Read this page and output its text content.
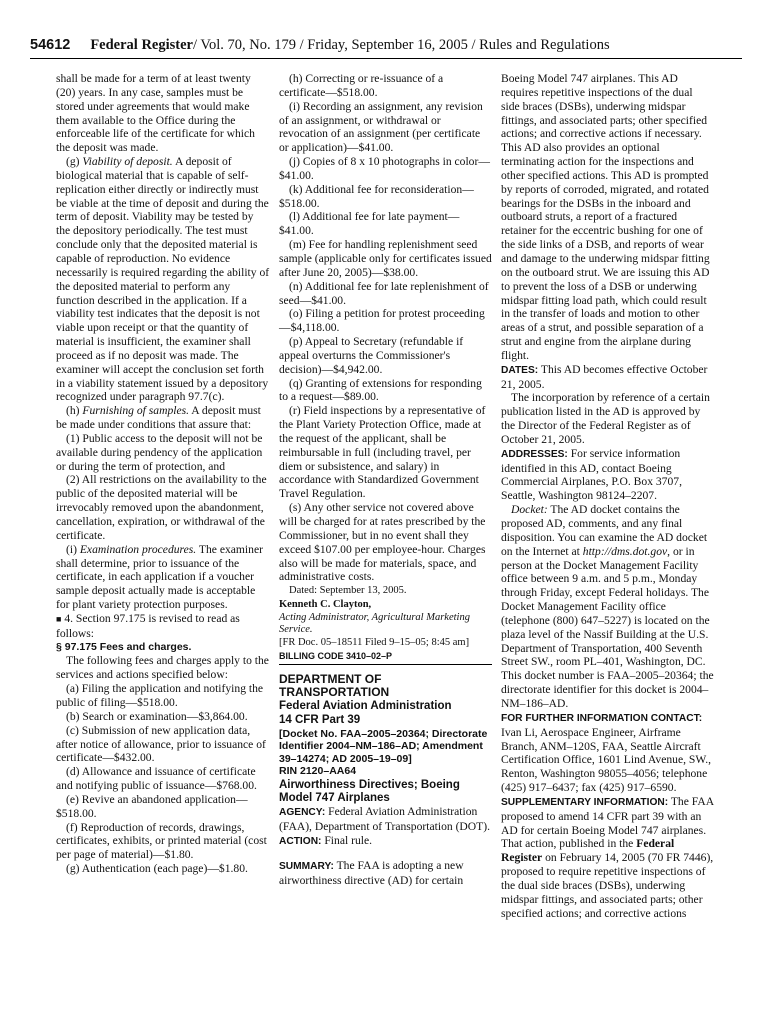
54612 Federal Register/ Vol. 70, No. 179 / Friday, September 16, 2005 / Rules and Regulations

shall be made for a term of at least twenty (20) years. In any case, samples must be stored under agreements that would make them available to the Office during the enforceable life of the certificate for which the deposit was made.

(g) Viability of deposit. A deposit of biological material that is capable of self-replication either directly or indirectly must be viable at the time of deposit and during the term of deposit. Viability may be tested by the depository periodically. The test must conclude only that the deposited material is capable of reproduction. No evidence necessarily is required regarding the ability of the deposited material to perform any function described in the application. If a viability test indicates that the deposit is not viable upon receipt or that the quantity of material is insufficient, the examiner shall proceed as if no deposit was made. The examiner will accept the conclusion set forth in a viability statement issued by a depository recognized under paragraph 97.7(c).

(h) Furnishing of samples. A deposit must be made under conditions that assure that:

(1) Public access to the deposit will not be available during pendency of the application or during the term of protection, and

(2) All restrictions on the availability to the public of the deposited material will be irrevocably removed upon the abandonment, cancellation, expiration, or withdrawal of the certificate.

(i) Examination procedures. The examiner shall determine, prior to issuance of the certificate, in each application if a voucher sample deposit actually made is acceptable for plant variety protection purposes.

■ 4. Section 97.175 is revised to read as follows:

§ 97.175 Fees and charges.

The following fees and charges apply to the services and actions specified below:

(a) Filing the application and notifying the public of filing—$518.00.

(b) Search or examination—$3,864.00.

(c) Submission of new application data, after notice of allowance, prior to issuance of certificate—$432.00.

(d) Allowance and issuance of certificate and notifying public of issuance—$768.00.

(e) Revive an abandoned application—$518.00.

(f) Reproduction of records, drawings, certificates, exhibits, or printed material (cost per page of material)—$1.80.

(g) Authentication (each page)—$1.80.

(h) Correcting or re-issuance of a certificate—$518.00.

(i) Recording an assignment, any revision of an assignment, or withdrawal or revocation of an assignment (per certificate or application)—$41.00.

(j) Copies of 8 x 10 photographs in color—$41.00.

(k) Additional fee for reconsideration—$518.00.

(l) Additional fee for late payment—$41.00.

(m) Fee for handling replenishment seed sample (applicable only for certificates issued after June 20, 2005)—$38.00.

(n) Additional fee for late replenishment of seed—$41.00.

(o) Filing a petition for protest proceeding—$4,118.00.

(p) Appeal to Secretary (refundable if appeal overturns the Commissioner's decision)—$4,942.00.

(q) Granting of extensions for responding to a request—$89.00.

(r) Field inspections by a representative of the Plant Variety Protection Office, made at the request of the applicant, shall be reimbursable in full (including travel, per diem or subsistence, and salary) in accordance with Standardized Government Travel Regulation.

(s) Any other service not covered above will be charged for at rates prescribed by the Commissioner, but in no event shall they exceed $107.00 per employee-hour. Charges also will be made for materials, space, and administrative costs.

Dated: September 13, 2005.

Kenneth C. Clayton,

Acting Administrator, Agricultural Marketing Service.

[FR Doc. 05–18511 Filed 9–15–05; 8:45 am]

BILLING CODE 3410–02–P

DEPARTMENT OF TRANSPORTATION

Federal Aviation Administration

14 CFR Part 39

[Docket No. FAA–2005–20364; Directorate Identifier 2004–NM–186–AD; Amendment 39–14274; AD 2005–19–09]

RIN 2120–AA64

Airworthiness Directives; Boeing Model 747 Airplanes

AGENCY: Federal Aviation Administration (FAA), Department of Transportation (DOT).

ACTION: Final rule.

SUMMARY: The FAA is adopting a new airworthiness directive (AD) for certain

Boeing Model 747 airplanes. This AD requires repetitive inspections of the dual side braces (DSBs), underwing midspar fittings, and associated parts; other specified actions; and corrective actions if necessary. This AD also provides an optional terminating action for the inspections and other specified actions. This AD is prompted by reports of corroded, migrated, and rotated bearings for the DSBs in the inboard and outboard struts, a report of a fractured retainer for the eccentric bushing for one of the side links of a DSB, and reports of wear and damage to the underwing midspar fitting on the outboard strut. We are issuing this AD to prevent the loss of a DSB or underwing midspar fitting load path, which could result in the transfer of loads and motion to other areas of a strut, and possible separation of a strut and engine from the airplane during flight.

DATES: This AD becomes effective October 21, 2005.

The incorporation by reference of a certain publication listed in the AD is approved by the Director of the Federal Register as of October 21, 2005.

ADDRESSES: For service information identified in this AD, contact Boeing Commercial Airplanes, P.O. Box 3707, Seattle, Washington 98124–2207.

Docket: The AD docket contains the proposed AD, comments, and any final disposition. You can examine the AD docket on the Internet at http://dms.dot.gov, or in person at the Docket Management Facility office between 9 a.m. and 5 p.m., Monday through Friday, except Federal holidays. The Docket Management Facility office (telephone (800) 647–5227) is located on the plaza level of the Nassif Building at the U.S. Department of Transportation, 400 Seventh Street SW., room PL–401, Washington, DC. This docket number is FAA–2005–20364; the directorate identifier for this docket is 2004–NM–186–AD.

FOR FURTHER INFORMATION CONTACT: Ivan Li, Aerospace Engineer, Airframe Branch, ANM–120S, FAA, Seattle Aircraft Certification Office, 1601 Lind Avenue, SW., Renton, Washington 98055–4056; telephone (425) 917–6437; fax (425) 917–6590.

SUPPLEMENTARY INFORMATION: The FAA proposed to amend 14 CFR part 39 with an AD for certain Boeing Model 747 airplanes. That action, published in the Federal Register on February 14, 2005 (70 FR 7446), proposed to require repetitive inspections of the dual side braces (DSBs), underwing midspar fittings, and associated parts; other specified actions; and corrective actions
